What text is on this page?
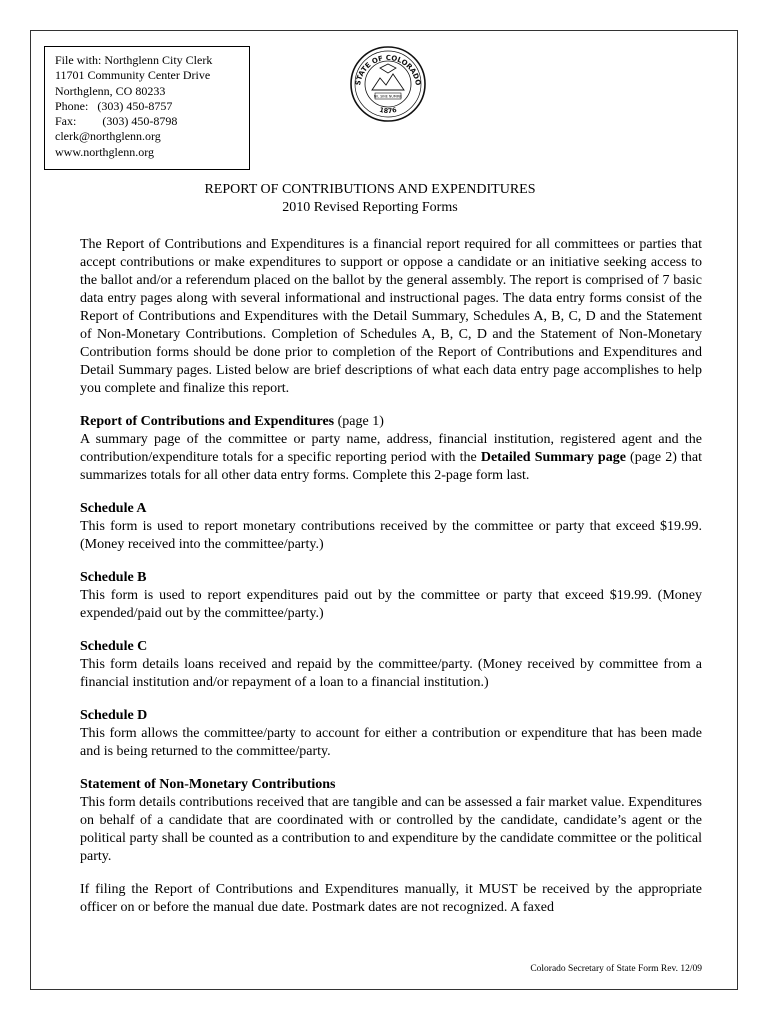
File with: Northglenn City Clerk
11701 Community Center Drive
Northglenn, CO 80233
Phone: (303) 450-8757
Fax: (303) 450-8798
clerk@northglenn.org
www.northglenn.org
STATE OF COLORADO
1876
NIL SINE NUMINE
REPORT OF CONTRIBUTIONS AND EXPENDITURES
2010 Revised Reporting Forms

The Report of Contributions and Expenditures is a financial report required for all committees or parties that accept contributions or make expenditures to support or oppose a candidate or an initiative seeking access to the ballot and/or a referendum placed on the ballot by the general assembly. The report is comprised of 7 basic data entry pages along with several informational and instructional pages. The data entry forms consist of the Report of Contributions and Expenditures with the Detail Summary, Schedules A, B, C, D and the Statement of Non-Monetary Contributions. Completion of Schedules A, B, C, D and the Statement of Non-Monetary Contribution forms should be done prior to completion of the Report of Contributions and Expenditures and Detail Summary pages. Listed below are brief descriptions of what each data entry page accomplishes to help you complete and finalize this report.

Report of Contributions and Expenditures (page 1)
A summary page of the committee or party name, address, financial institution, registered agent and the contribution/expenditure totals for a specific reporting period with the Detailed Summary page (page 2) that summarizes totals for all other data entry forms. Complete this 2-page form last.

Schedule A
This form is used to report monetary contributions received by the committee or party that exceed $19.99. (Money received into the committee/party.)

Schedule B
This form is used to report expenditures paid out by the committee or party that exceed $19.99. (Money expended/paid out by the committee/party.)

Schedule C
This form details loans received and repaid by the committee/party. (Money received by committee from a financial institution and/or repayment of a loan to a financial institution.)

Schedule D
This form allows the committee/party to account for either a contribution or expenditure that has been made and is being returned to the committee/party.

Statement of Non-Monetary Contributions
This form details contributions received that are tangible and can be assessed a fair market value. Expenditures on behalf of a candidate that are coordinated with or controlled by the candidate, candidate’s agent or the political party shall be counted as a contribution to and expenditure by the candidate committee or the political party.

If filing the Report of Contributions and Expenditures manually, it MUST be received by the appropriate officer on or before the manual due date. Postmark dates are not recognized. A faxed

Colorado Secretary of State Form Rev. 12/09
